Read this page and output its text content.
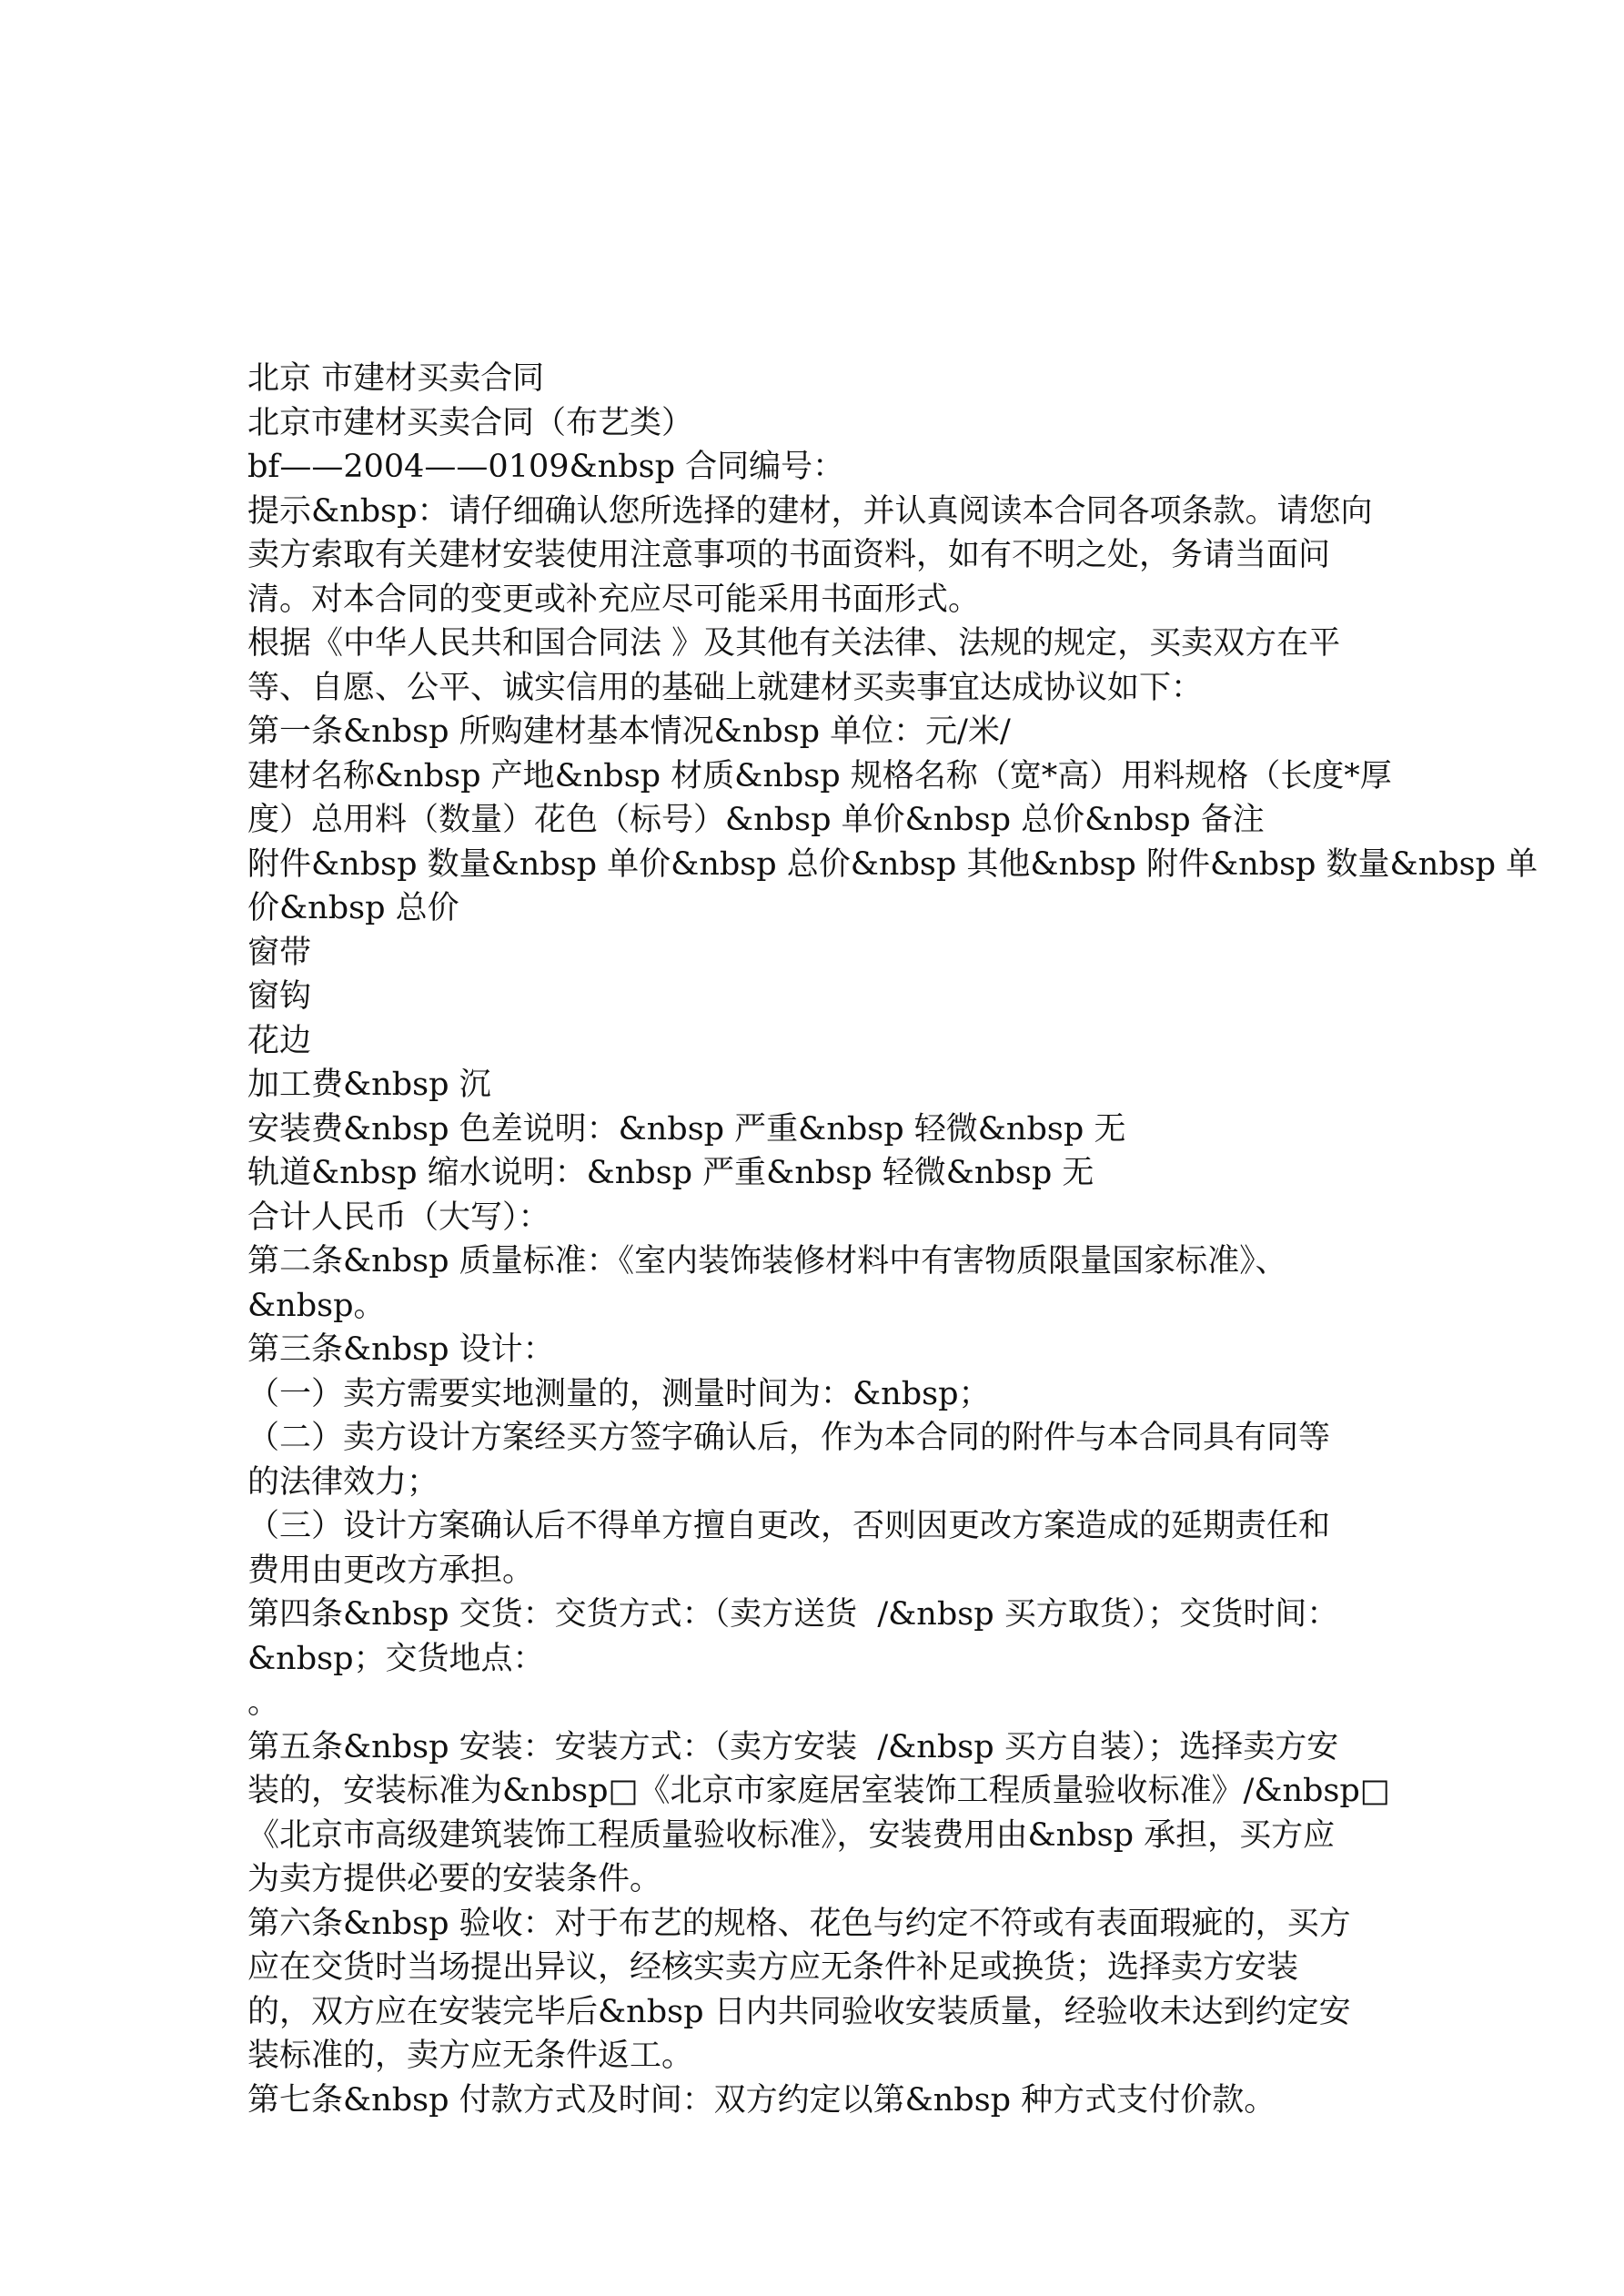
北京 市建材买卖合同
北京市建材买卖合同（布艺类）
bf——2004——0109&nbsp 合同编号：
提示&nbsp：请仔细确认您所选择的建材，并认真阅读本合同各项条款。请您向
卖方索取有关建材安装使用注意事项的书面资料，如有不明之处，务请当面问
清。对本合同的变更或补充应尽可能采用书面形式。
根据《中华人民共和国合同法 》及其他有关法律、法规的规定，买卖双方在平
等、自愿、公平、诚实信用的基础上就建材买卖事宜达成协议如下：
第一条&nbsp 所购建材基本情况&nbsp 单位：元/米/
建材名称&nbsp 产地&nbsp 材质&nbsp 规格名称（宽*高）用料规格（长度*厚
度）总用料（数量）花色（标号）&nbsp 单价&nbsp 总价&nbsp 备注
附件&nbsp 数量&nbsp 单价&nbsp 总价&nbsp 其他&nbsp 附件&nbsp 数量&nbsp 单
价&nbsp 总价
窗带
窗钩
花边
加工费&nbsp 沉
安装费&nbsp 色差说明：&nbsp 严重&nbsp 轻微&nbsp 无
轨道&nbsp 缩水说明：&nbsp 严重&nbsp 轻微&nbsp 无
合计人民币（大写）：
第二条&nbsp 质量标准：《室内装饰装修材料中有害物质限量国家标准》、
&nbsp。
第三条&nbsp 设计：
（一）卖方需要实地测量的，测量时间为：&nbsp；
（二）卖方设计方案经买方签字确认后，作为本合同的附件与本合同具有同等
的法律效力；
（三）设计方案确认后不得单方擅自更改，否则因更改方案造成的延期责任和
费用由更改方承担。
第四条&nbsp 交货：交货方式：（卖方送货  /&nbsp 买方取货）；交货时间：
&nbsp；交货地点：
。
第五条&nbsp 安装：安装方式：（卖方安装  /&nbsp 买方自装）；选择卖方安
装的，安装标准为&nbsp□《北京市家庭居室装饰工程质量验收标准》/&nbsp□
《北京市高级建筑装饰工程质量验收标准》，安装费用由&nbsp 承担，买方应
为卖方提供必要的安装条件。
第六条&nbsp 验收：对于布艺的规格、花色与约定不符或有表面瑕疵的，买方
应在交货时当场提出异议，经核实卖方应无条件补足或换货；选择卖方安装
的，双方应在安装完毕后&nbsp 日内共同验收安装质量，经验收未达到约定安
装标准的，卖方应无条件返工。
第七条&nbsp 付款方式及时间：双方约定以第&nbsp 种方式支付价款。
